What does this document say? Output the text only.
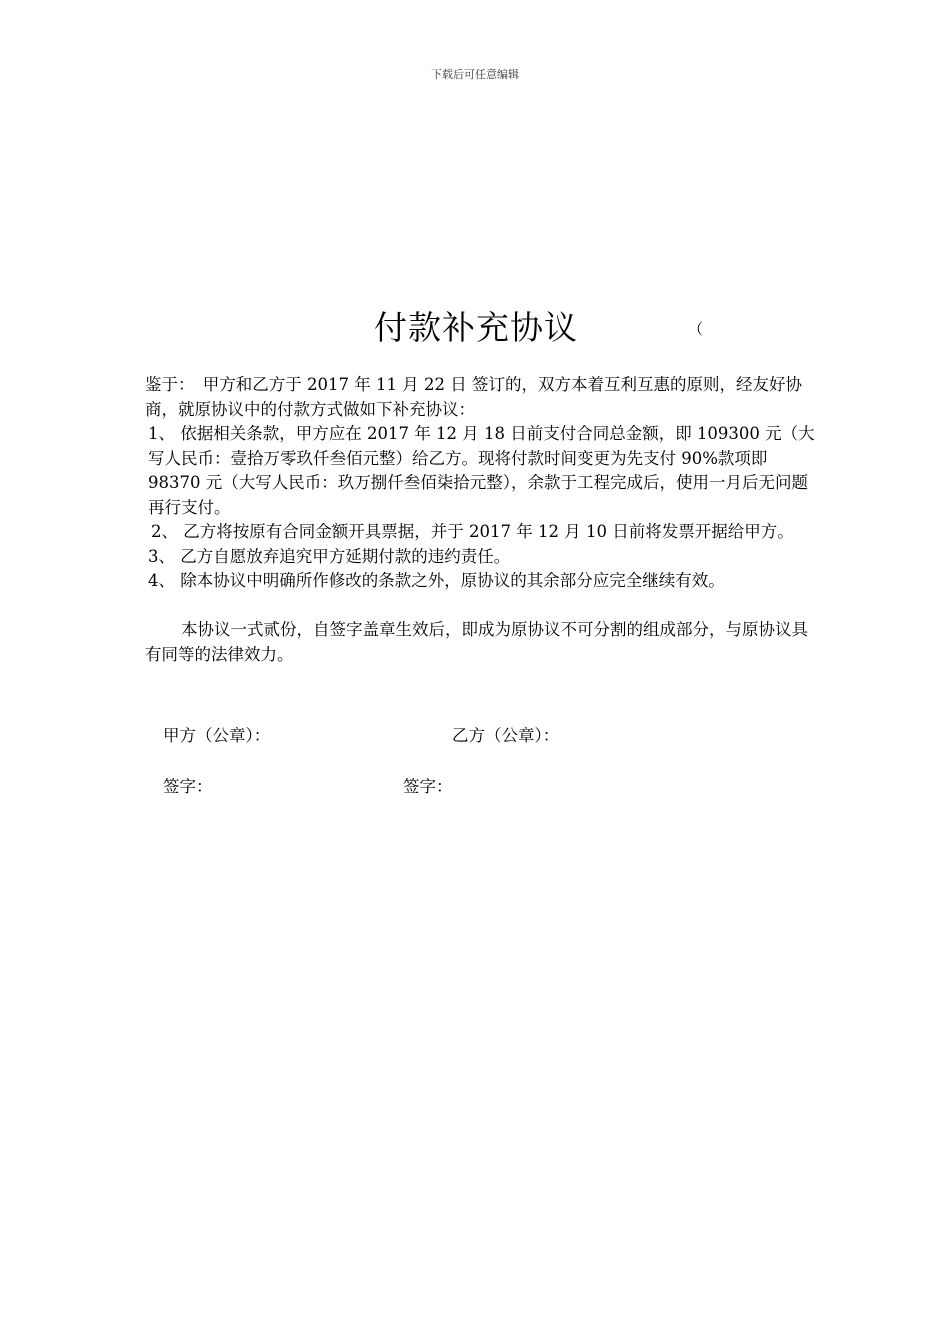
下载后可任意编辑
付款补充协议	（

鉴于：　甲方和乙方于 2017 年 11 月 22 日 签订的，双方本着互利互惠的原则，经友好协商，就原协议中的付款方式做如下补充协议：

1、 依据相关条款，甲方应在 2017 年 12 月 18 日前支付合同总金额，即 109300 元（大写人民币：壹拾万零玖仟叁佰元整）给乙方。现将付款时间变更为先支付 90%款项即 98370 元（大写人民币：玖万捌仟叁佰柒拾元整），余款于工程完成后，使用一月后无问题再行支付。

2、 乙方将按原有合同金额开具票据，并于 2017 年 12 月 10 日前将发票开据给甲方。

3、 乙方自愿放弃追究甲方延期付款的违约责任。

4、 除本协议中明确所作修改的条款之外，原协议的其余部分应完全继续有效。

本协议一式贰份，自签字盖章生效后，即成为原协议不可分割的组成部分，与原协议具有同等的法律效力。

甲方（公章）：	乙方（公章）：
签字：	签字：
